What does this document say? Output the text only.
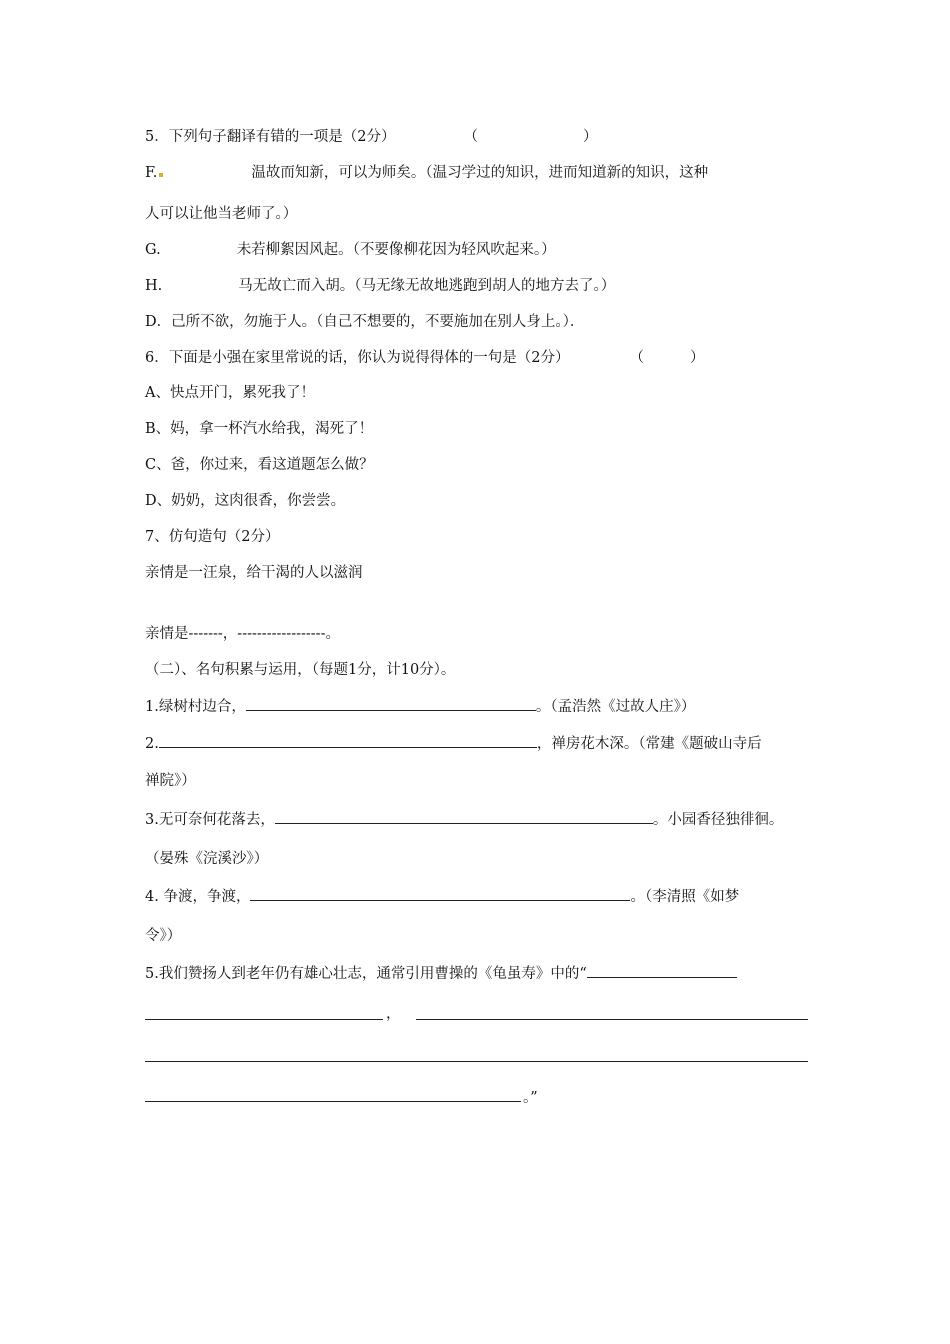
5．下列句子翻译有错的一项是（2分）	（	）
F.	温故而知新，可以为师矣。（温习学过的知识，进而知道新的知识，这种
人可以让他当老师了。）
G.	未若柳絮因风起。（不要像柳花因为轻风吹起来。）
H.	马无故亡而入胡。（马无缘无故地逃跑到胡人的地方去了。）
D．己所不欲，勿施于人。（自己不想要的，不要施加在别人身上。）．
6．下面是小强在家里常说的话，你认为说得得体的一句是（2分）	（	）
A、快点开门，累死我了！
B、妈，拿一杯汽水给我，渴死了！
C、爸，你过来，看这道题怎么做？
D、奶奶，这肉很香，你尝尝。
7、仿句造句（2分）
亲情是一汪泉，给干渴的人以滋润
亲情是-------，------------------。
（二）、名句积累与运用，（每题1分，计10分）。
1.绿树村边合，	。（孟浩然《过故人庄》）
2.	，禅房花木深。（常建《题破山寺后
禅院》）
3.无可奈何花落去，	。小园香径独徘徊。
（晏殊《浣溪沙》）
4. 争渡，争渡，	。（李清照《如梦
令》）
5.我们赞扬人到老年仍有雄心壮志，通常引用曹操的《龟虽寿》中的“
，
。”
